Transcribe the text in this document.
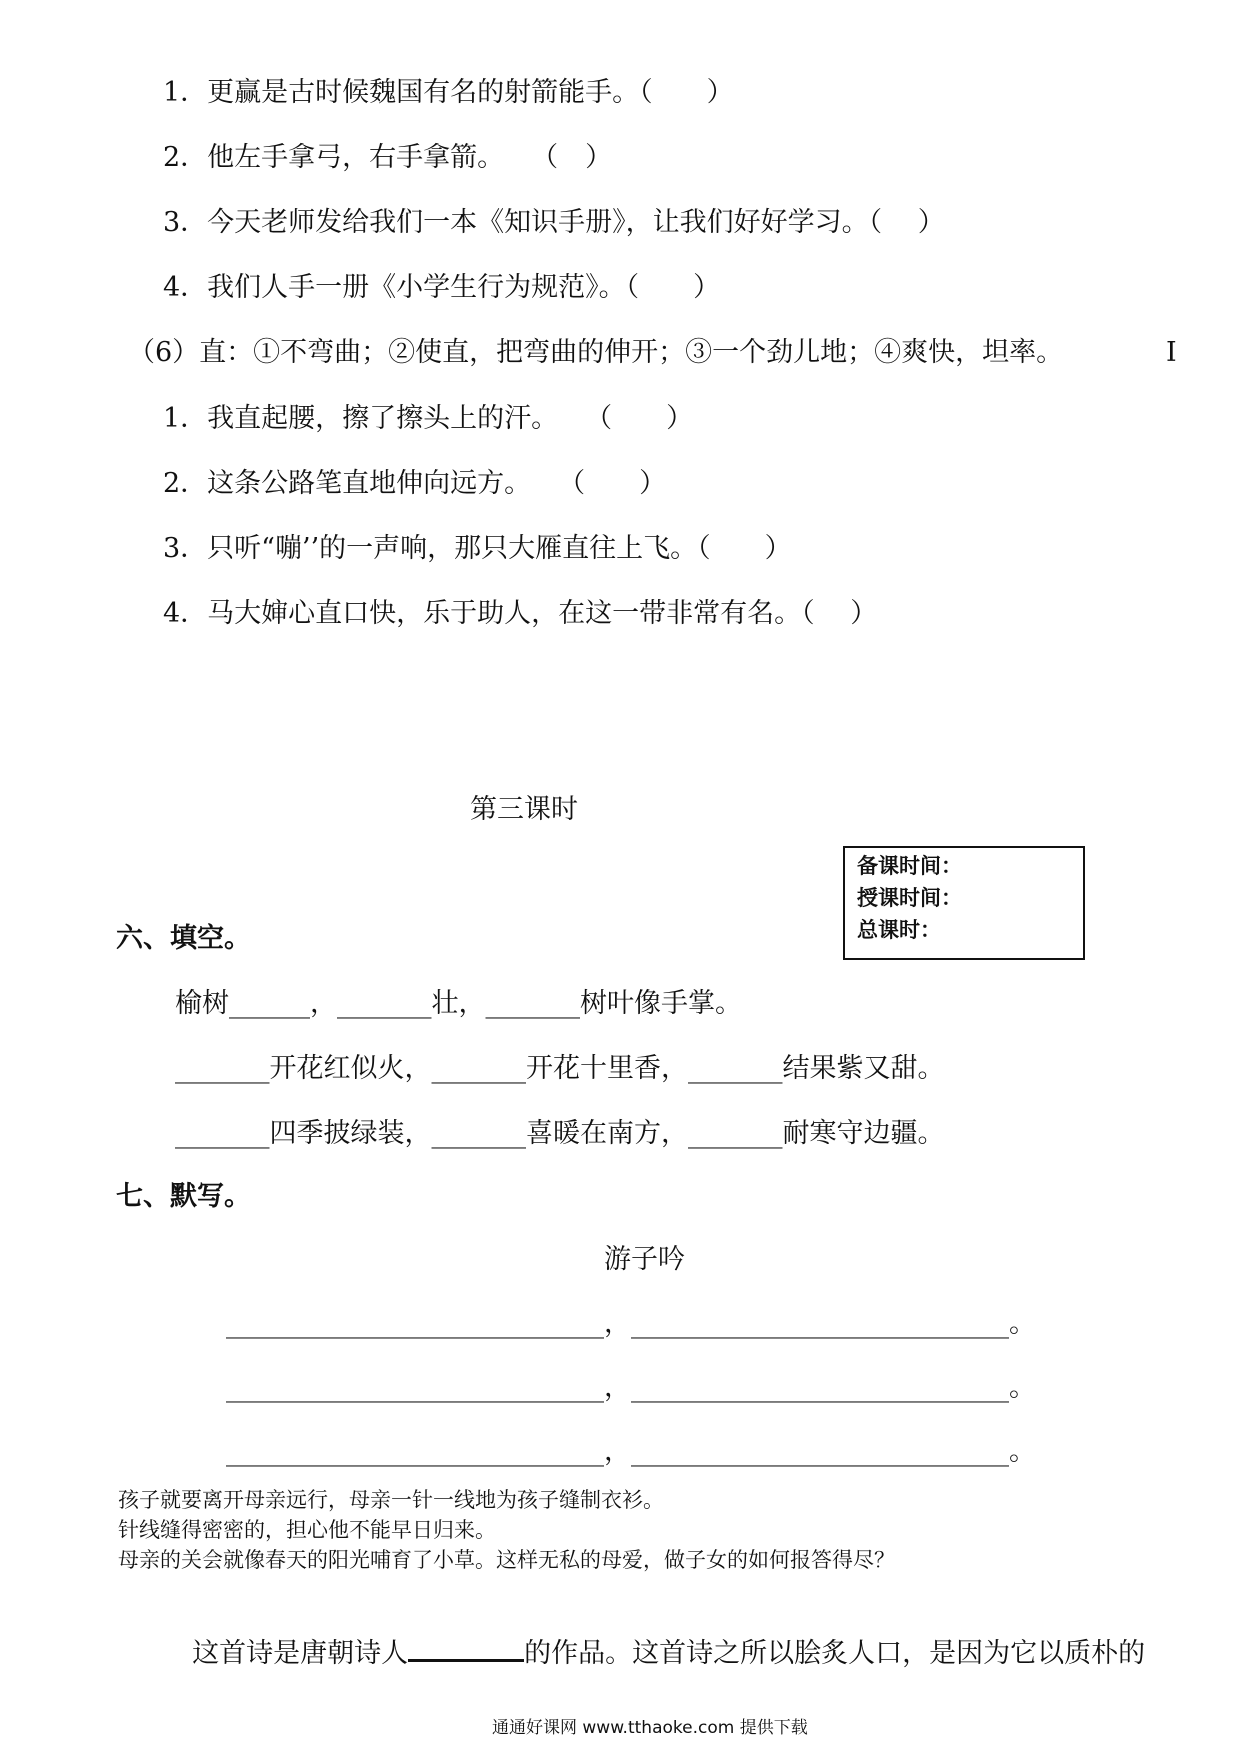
1．更赢是古时候魏国有名的射箭能手。（　　）
2．他左手拿弓，右手拿箭。　　（　）
3．今天老师发给我们一本《知识手册》，让我们好好学习。（　 ）
4．我们人手一册《小学生行为规范》。（　　）
（6）直：①不弯曲；②使直，把弯曲的伸开；③一个劲儿地；④爽快，坦率。	I
1．我直起腰，擦了擦头上的汗。　　（　　）
2．这条公路笔直地伸向远方。　　（　　）
3．只听“嘣’’的一声响，那只大雁直往上飞。（　　）
4．马大婶心直口快，乐于助人，在这一带非常有名。（　 ）
第三课时
备课时间：
授课时间：
总课时：
六、填空。
榆树______，_______壮，_______树叶像手掌。
_______开花红似火，_______开花十里香，_______结果紫又甜。
_______四季披绿装，_______喜暖在南方，_______耐寒守边疆。
七、默写。
游子吟
____________________________，____________________________。
____________________________，____________________________。
____________________________，____________________________。
孩子就要离开母亲远行，母亲一针一线地为孩子缝制衣衫。
针线缝得密密的，担心他不能早日归来。
母亲的关会就像春天的阳光哺育了小草。这样无私的母爱，做子女的如何报答得尽？

这首诗是唐朝诗人	的作品。这首诗之所以脍炙人口，是因为它以质朴的

通通好课网 www.tthaoke.com 提供下载
